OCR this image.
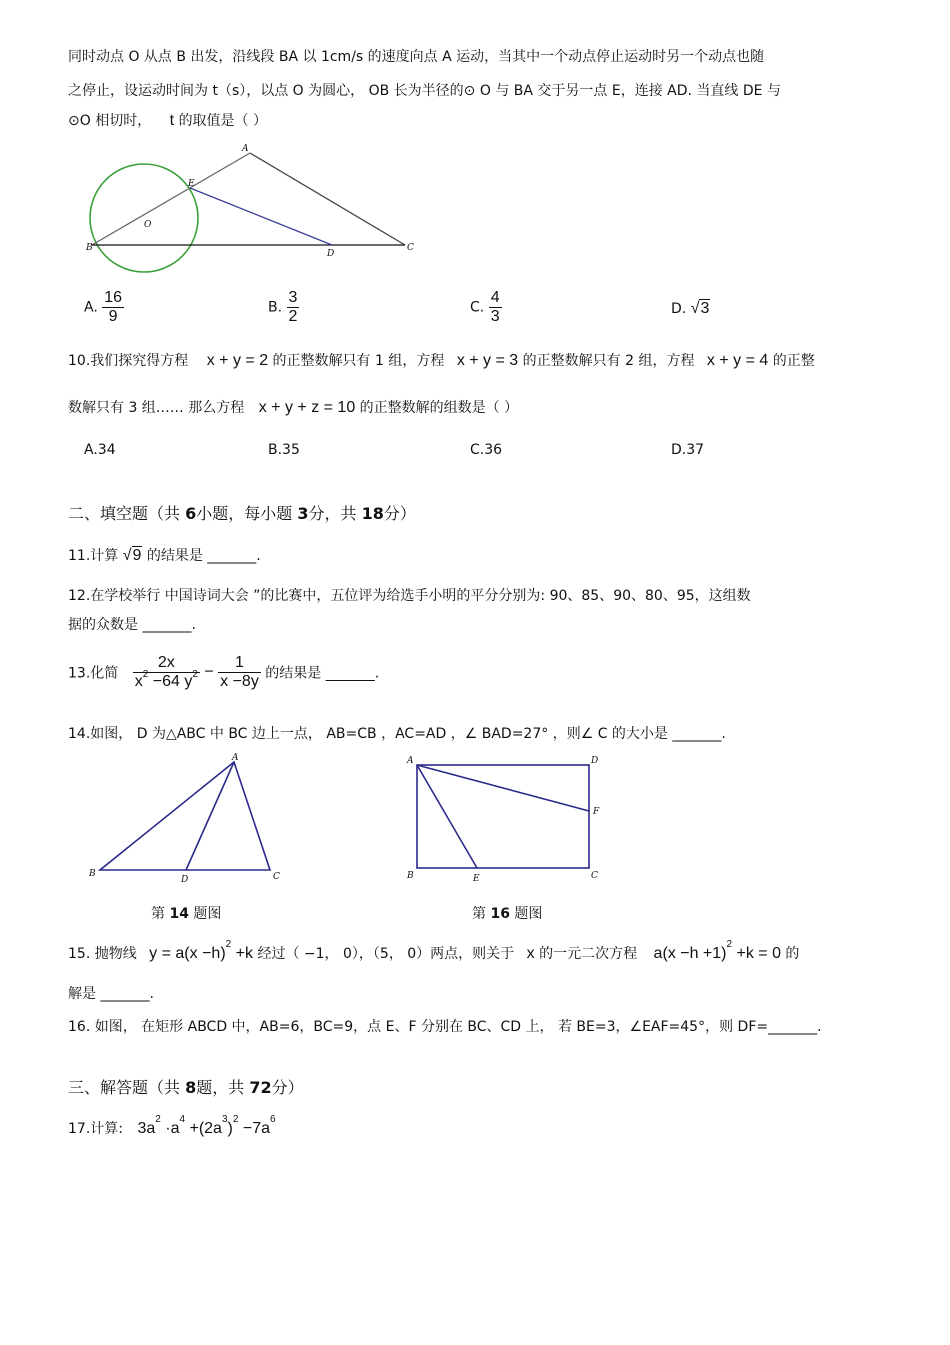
同时动点 O 从点 B 出发，沿线段 BA 以 1cm/s 的速度向点 A 运动，当其中一个动点停止运动时另一个动点也随
之停止，设运动时间为 t（s），以点 O 为圆心， OB 长为半径的⊙ O 与 BA 交于另一点 E，连接 AD. 当直线 DE 与
⊙O 相切时， t 的取值是（ ）
A
E
O
B
D
C
A. $\frac{16}{9}$	B. $\frac{3}{2}$	C. $\frac{4}{3}$	D. √3
10.我们探究得方程 x + y = 2 的正整数解只有 1 组，方程 x + y = 3 的正整数解只有 2 组，方程 x + y = 4 的正整
数解只有 3 组…… 那么方程 x + y + z = 10 的正整数解的组数是（ ）
A.34	B.35	C.36	D.37
二、填空题（共 6小题，每小题 3分，共 18分）
11.计算 √9 的结果是 _______.
12.在学校举行 中国诗词大会 ”的比赛中，五位评为给选手小明的平分分别为: 90、85、90、80、95，这组数
据的众数是 _______.
13.化简 $\frac{2x}{x^2 -64 y^2} - \frac{1}{x -8y}$ 的结果是 _______.
14.如图， D 为△ABC 中 BC 边上一点， AB=CB ，AC=AD ，∠ BAD=27° ，则∠ C 的大小是 _______.
A
B
D	C
第 14 题图
A	D
F
B	E	C
第 16 题图
15. 抛物线 $y = a(x -h)^2 +k$ 经过（ −1， 0），（5， 0）两点，则关于 x 的一元二次方程 $a(x -h +1)^2 +k = 0$ 的
解是 _______.
16. 如图， 在矩形 ABCD 中，AB=6，BC=9，点 E、F 分别在 BC、CD 上， 若 BE=3，∠EAF=45°，则 DF=_______.
三、解答题（共 8题，共 72分）
17.计算: $3a^2 \cdot a^4 +(2a^3)^2 -7a^6$
